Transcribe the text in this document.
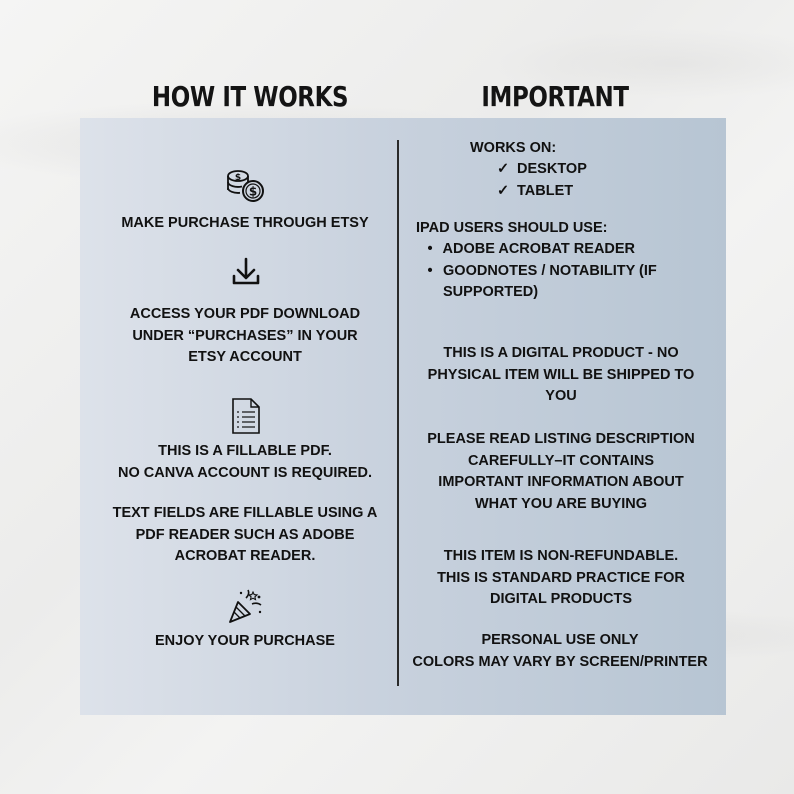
HOW IT WORKS	IMPORTANT
$
$

MAKE PURCHASE THROUGH ETSY

ACCESS YOUR PDF DOWNLOAD
UNDER “PURCHASES” IN YOUR
ETSY ACCOUNT

THIS IS A FILLABLE PDF.
NO CANVA ACCOUNT IS REQUIRED.

TEXT FIELDS ARE FILLABLE USING A
PDF READER SUCH AS ADOBE
ACROBAT READER.

ENJOY YOUR PURCHASE

WORKS ON:

✓ DESKTOP
✓ TABLET

IPAD USERS SHOULD USE:

• ADOBE ACROBAT READER
• GOODNOTES / NOTABILITY (IF
SUPPORTED)

THIS IS A DIGITAL PRODUCT - NO
PHYSICAL ITEM WILL BE SHIPPED TO
YOU

PLEASE READ LISTING DESCRIPTION
CAREFULLY–IT CONTAINS
IMPORTANT INFORMATION ABOUT
WHAT YOU ARE BUYING

THIS ITEM IS NON-REFUNDABLE.
THIS IS STANDARD PRACTICE FOR
DIGITAL PRODUCTS

PERSONAL USE ONLY
COLORS MAY VARY BY SCREEN/PRINTER
